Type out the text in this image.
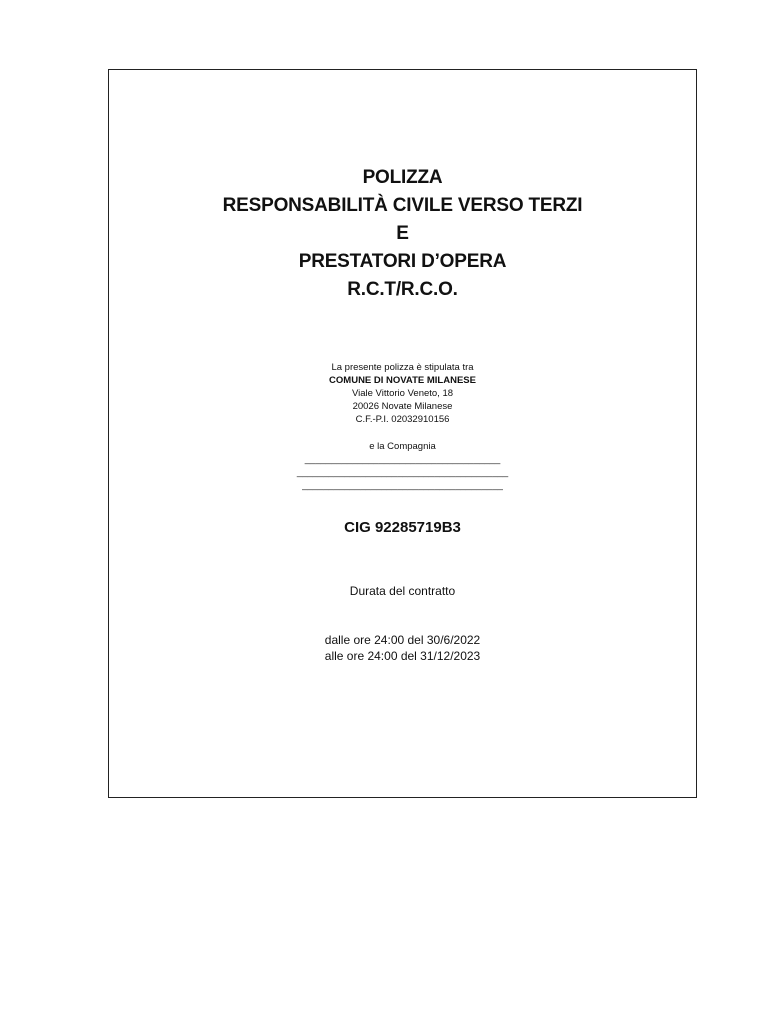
POLIZZA
RESPONSABILITÀ CIVILE VERSO TERZI
E
PRESTATORI D’OPERA
R.C.T/R.C.O.
La presente polizza è stipulata tra
COMUNE DI NOVATE MILANESE
Viale Vittorio Veneto, 18
20026 Novate Milanese
C.F.-P.I. 02032910156
e la Compagnia
_____________________________________
________________________________________
______________________________________
CIG 92285719B3
Durata del contratto
dalle ore 24:00 del 30/6/2022
alle ore 24:00 del 31/12/2023
